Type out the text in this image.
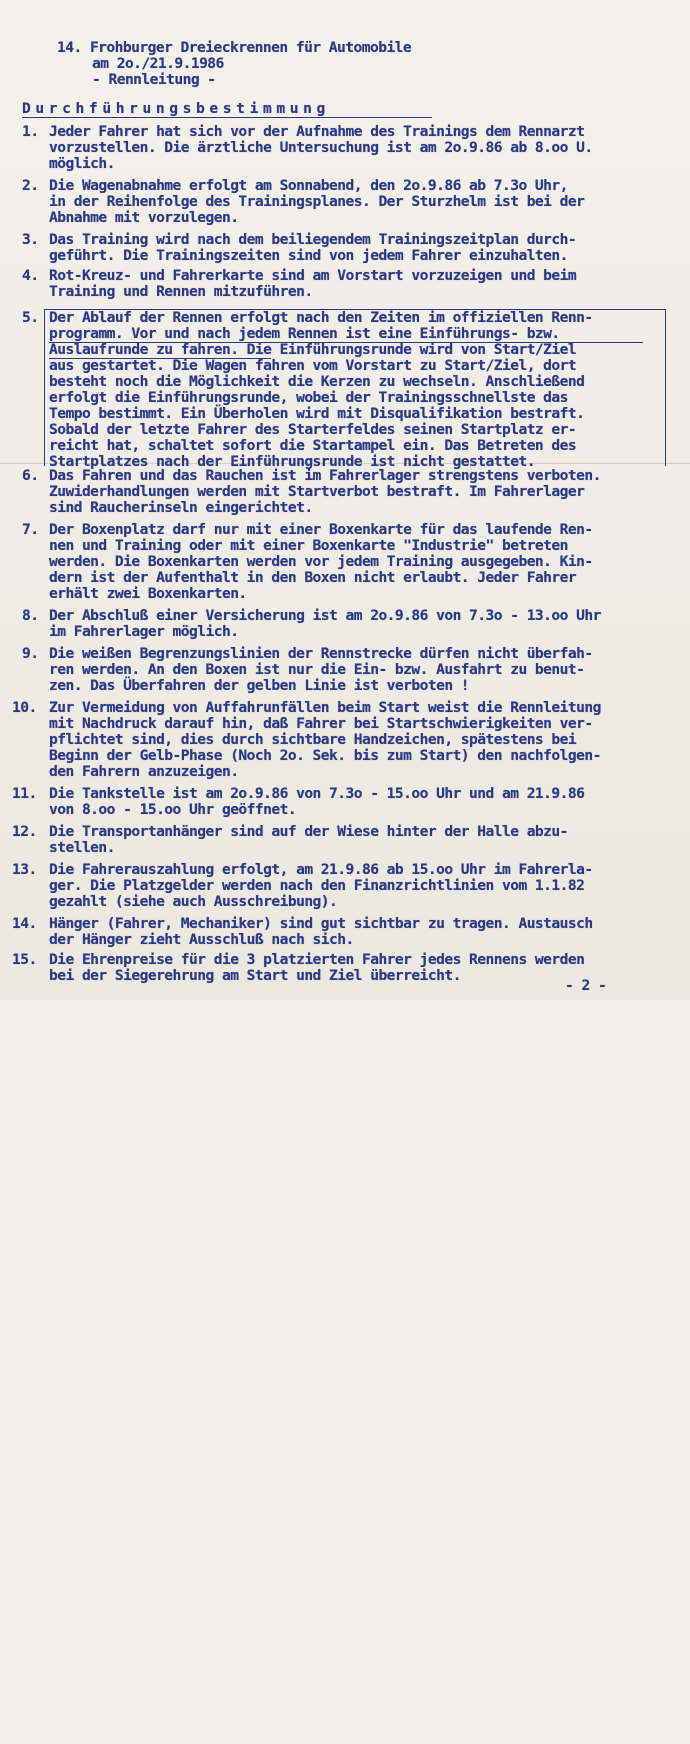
14. Frohburger Dreieckrennen für Automobile

am 2o./21.9.1986

- Rennleitung -

Durchführungsbestimmung

1.

Jeder Fahrer hat sich vor der Aufnahme des Trainings dem Rennarzt

vorzustellen. Die ärztliche Untersuchung ist am 2o.9.86 ab 8.oo U.

möglich.

2.

Die Wagenabnahme erfolgt am Sonnabend, den 2o.9.86 ab 7.3o Uhr,

in der Reihenfolge des Trainingsplanes. Der Sturzhelm ist bei der

Abnahme mit vorzulegen.

3.

Das Training wird nach dem beiliegendem Trainingszeitplan durch-

geführt. Die Trainingszeiten sind von jedem Fahrer einzuhalten.

4.

Rot-Kreuz- und Fahrerkarte sind am Vorstart vorzuzeigen und beim

Training und Rennen mitzuführen.

5.

Der Ablauf der Rennen erfolgt nach den Zeiten im offiziellen Renn-

programm. Vor und nach jedem Rennen ist eine Einführungs- bzw.

Auslaufrunde zu fahren. Die Einführungsrunde wird von Start/Ziel

aus gestartet. Die Wagen fahren vom Vorstart zu Start/Ziel, dort

besteht noch die Möglichkeit die Kerzen zu wechseln. Anschließend

erfolgt die Einführungsrunde, wobei der Trainingsschnellste das

Tempo bestimmt. Ein Überholen wird mit Disqualifikation bestraft.

Sobald der letzte Fahrer des Starterfeldes seinen Startplatz er-

reicht hat, schaltet sofort die Startampel ein. Das Betreten des

Startplatzes nach der Einführungsrunde ist nicht gestattet.

6.

Das Fahren und das Rauchen ist im Fahrerlager strengstens verboten.

Zuwiderhandlungen werden mit Startverbot bestraft. Im Fahrerlager

sind Raucherinseln eingerichtet.

7.

Der Boxenplatz darf nur mit einer Boxenkarte für das laufende Ren-

nen und Training oder mit einer Boxenkarte "Industrie" betreten

werden. Die Boxenkarten werden vor jedem Training ausgegeben. Kin-

dern ist der Aufenthalt in den Boxen nicht erlaubt. Jeder Fahrer

erhält zwei Boxenkarten.

8.

Der Abschluß einer Versicherung ist am 2o.9.86 von 7.3o - 13.oo Uhr

im Fahrerlager möglich.

9.

Die weißen Begrenzungslinien der Rennstrecke dürfen nicht überfah-

ren werden. An den Boxen ist nur die Ein- bzw. Ausfahrt zu benut-

zen. Das Überfahren der gelben Linie ist verboten !

10.

Zur Vermeidung von Auffahrunfällen beim Start weist die Rennleitung

mit Nachdruck darauf hin, daß Fahrer bei Startschwierigkeiten ver-

pflichtet sind, dies durch sichtbare Handzeichen, spätestens bei

Beginn der Gelb-Phase (Noch 2o. Sek. bis zum Start) den nachfolgen-

den Fahrern anzuzeigen.

11.

Die Tankstelle ist am 2o.9.86 von 7.3o - 15.oo Uhr und am 21.9.86

von 8.oo - 15.oo Uhr geöffnet.

12.

Die Transportanhänger sind auf der Wiese hinter der Halle abzu-

stellen.

13.

Die Fahrerauszahlung erfolgt, am 21.9.86 ab 15.oo Uhr im Fahrerla-

ger. Die Platzgelder werden nach den Finanzrichtlinien vom 1.1.82

gezahlt (siehe auch Ausschreibung).

14.

Hänger (Fahrer, Mechaniker) sind gut sichtbar zu tragen. Austausch

der Hänger zieht Ausschluß nach sich.

15.

Die Ehrenpreise für die 3 platzierten Fahrer jedes Rennens werden

bei der Siegerehrung am Start und Ziel überreicht.

- 2 -
